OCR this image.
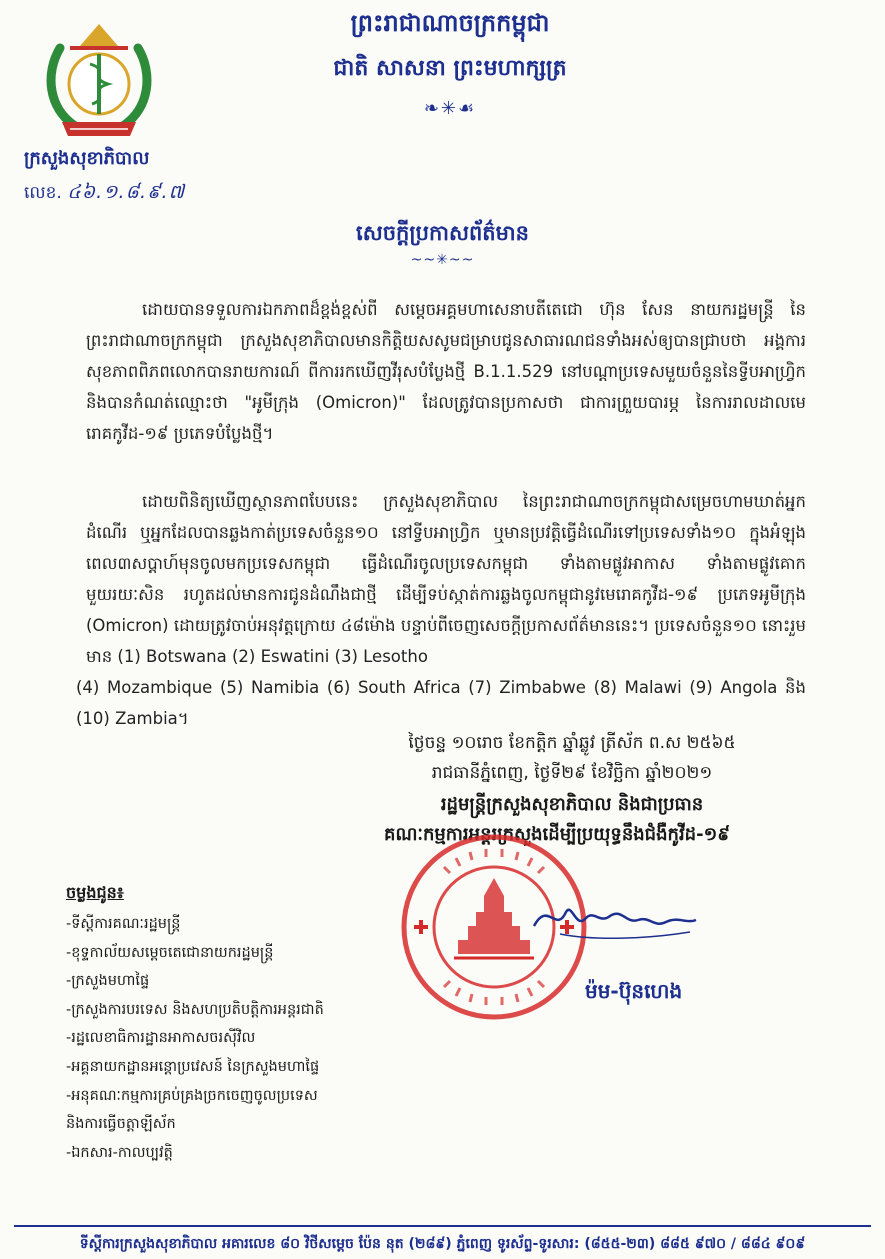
ព្រះរាជាណាចក្រកម្ពុជា
ជាតិ សាសនា ព្រះមហាក្សត្រ
❧✳☙
ក្រសួងសុខាភិបាល
លេខ. ៤៦.១.៨.៩.៧
សេចក្ដីប្រកាសព័ត៌មាន
~~✳~~
ដោយបានទទួលការឯកភាពដ៏ខ្ពង់ខ្ពស់ពី សម្ដេចអគ្គមហាសេនាបតីតេជោ ហ៊ុន សែន នាយករដ្ឋមន្ត្រី នៃព្រះរាជាណាចក្រកម្ពុជា ក្រសួងសុខាភិបាលមានកិត្តិយសសូមជម្រាបជូនសាធារណជនទាំងអស់ឲ្យបានជ្រាបថា អង្គការសុខភាពពិភពលោកបានរាយការណ៍ ពីការរកឃើញវីរុសបំប្លែងថ្មី B.1.1.529 នៅបណ្ដាប្រទេសមួយចំនួននៃទ្វីបអាហ្វ្រិក និងបានកំណត់ឈ្មោះថា "អូមីក្រុង (Omicron)" ដែលត្រូវបានប្រកាសថា ជាការព្រួយបារម្ភ នៃការរាលដាលមេរោគកូវីដ-១៩ ប្រភេទបំប្លែងថ្មី។
ដោយពិនិត្យឃើញស្ថានភាពបែបនេះ ក្រសួងសុខាភិបាល នៃព្រះរាជាណាចក្រកម្ពុជាសម្រេចហាមឃាត់អ្នកដំណើរ ឬអ្នកដែលបានឆ្លងកាត់ប្រទេសចំនួន១០ នៅទ្វីបអាហ្វ្រិក ឬមានប្រវត្តិធ្វើដំណើរទៅប្រទេសទាំង១០ ក្នុងអំឡុងពេល៣សប្ដាហ៍មុនចូលមកប្រទេសកម្ពុជា ធ្វើដំណើរចូលប្រទេសកម្ពុជា ទាំងតាមផ្លូវអាកាស ទាំងតាមផ្លូវគោក មួយរយៈសិន រហូតដល់មានការជូនដំណឹងជាថ្មី ដើម្បីទប់ស្កាត់ការឆ្លងចូលកម្ពុជានូវមេរោគកូវីដ-១៩ ប្រភេទអូមីក្រុង (Omicron) ដោយត្រូវចាប់អនុវត្តក្រោយ ៤៨ម៉ោង បន្ទាប់ពីចេញសេចក្ដីប្រកាសព័ត៌មាននេះ។ ប្រទេសចំនួន១០ នោះរួមមាន (1) Botswana (2) Eswatini (3) Lesotho
(4) Mozambique (5) Namibia (6) South Africa (7) Zimbabwe (8) Malawi (9) Angola និង (10) Zambia។
ថ្ងៃចន្ទ ១០រោច ខែកត្តិក ឆ្នាំឆ្លូវ ត្រីស័ក ព.ស ២៥៦៥
រាជធានីភ្នំពេញ, ថ្ងៃទី២៩ ខែវិច្ឆិកា ឆ្នាំ២០២១
រដ្ឋមន្ត្រីក្រសួងសុខាភិបាល និងជាប្រធាន
គណៈកម្មការអន្តរក្រសួងដើម្បីប្រយុទ្ធនឹងជំងឺកូវីដ-១៩
ម៉ម-ប៊ុនហេង
ចម្លងជូន៖
-ទីស្ដីការគណៈរដ្ឋមន្ត្រី
-ខុទ្ទកាល័យសម្ដេចតេជោនាយករដ្ឋមន្ត្រី
-ក្រសួងមហាផ្ទៃ
-ក្រសួងការបរទេស និងសហប្រតិបត្តិការអន្តរជាតិ
-រដ្ឋលេខាធិការដ្ឋានអាកាសចរស៊ីវិល
-អគ្គនាយកដ្ឋានអន្តោប្រវេសន៍ នៃក្រសួងមហាផ្ទៃ
-អនុគណៈកម្មការគ្រប់គ្រងច្រកចេញចូលប្រទេស
និងការធ្វើចត្តាឡីស័ក
-ឯកសារ-កាលប្បវត្តិ
ទីស្ដីការក្រសួងសុខាភិបាល អគារលេខ ៨០ វិថីសម្ដេច ប៉ែន នុត (២៨៩) ភ្នំពេញ ទូរស័ព្ទ-ទូរសារ: (៨៥៥-២៣) ៨៨៥ ៩៧០ / ៨៨៤ ៩០៩
